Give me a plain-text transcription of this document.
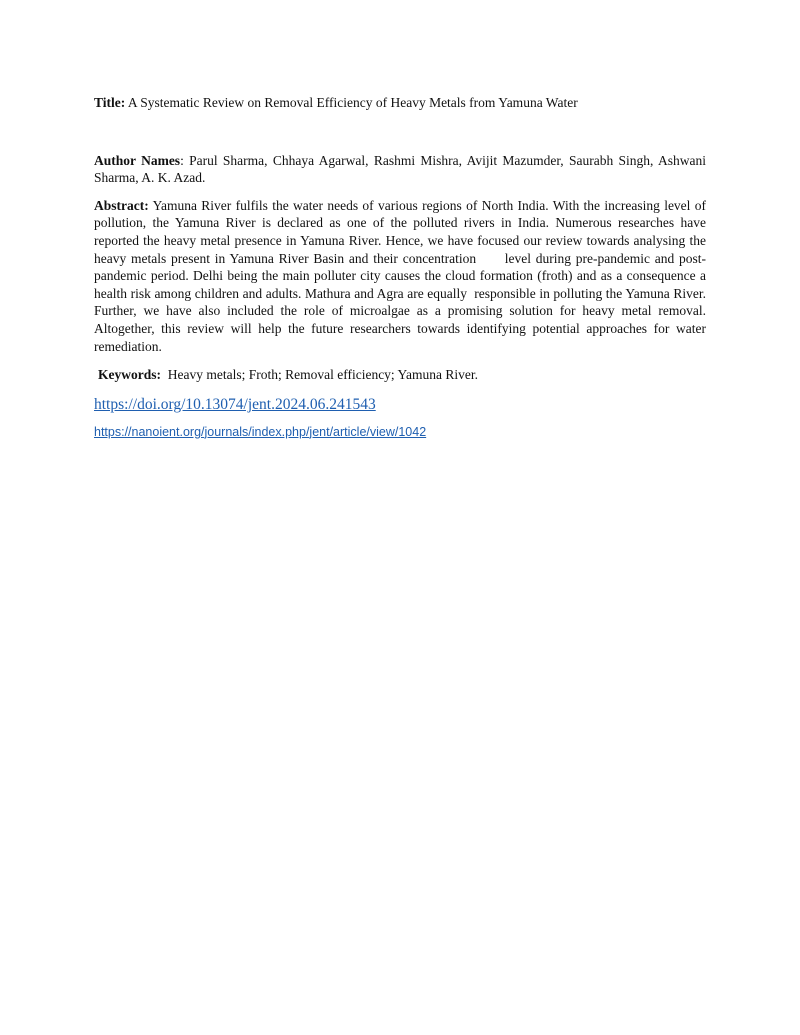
Title: A Systematic Review on Removal Efficiency of Heavy Metals from Yamuna Water

Author Names: Parul Sharma, Chhaya Agarwal, Rashmi Mishra, Avijit Mazumder, Saurabh Singh, Ashwani Sharma, A. K. Azad.

Abstract: Yamuna River fulfils the water needs of various regions of North India. With the increasing level of pollution, the Yamuna River is declared as one of the polluted rivers in India. Numerous researches have reported the heavy metal presence in Yamuna River. Hence, we have focused our review towards analysing the heavy metals present in Yamuna River Basin and their concentration      level during pre-pandemic and post-pandemic period. Delhi being the main polluter city causes the cloud formation (froth) and as a consequence a health risk among children and adults. Mathura and Agra are equally  responsible in polluting the Yamuna River. Further, we have also included the role of microalgae as a promising solution for heavy metal removal. Altogether, this review will help the future researchers towards identifying potential approaches for water remediation.

Keywords: Heavy metals; Froth; Removal efficiency; Yamuna River.

https://doi.org/10.13074/jent.2024.06.241543
https://nanoient.org/journals/index.php/jent/article/view/1042
